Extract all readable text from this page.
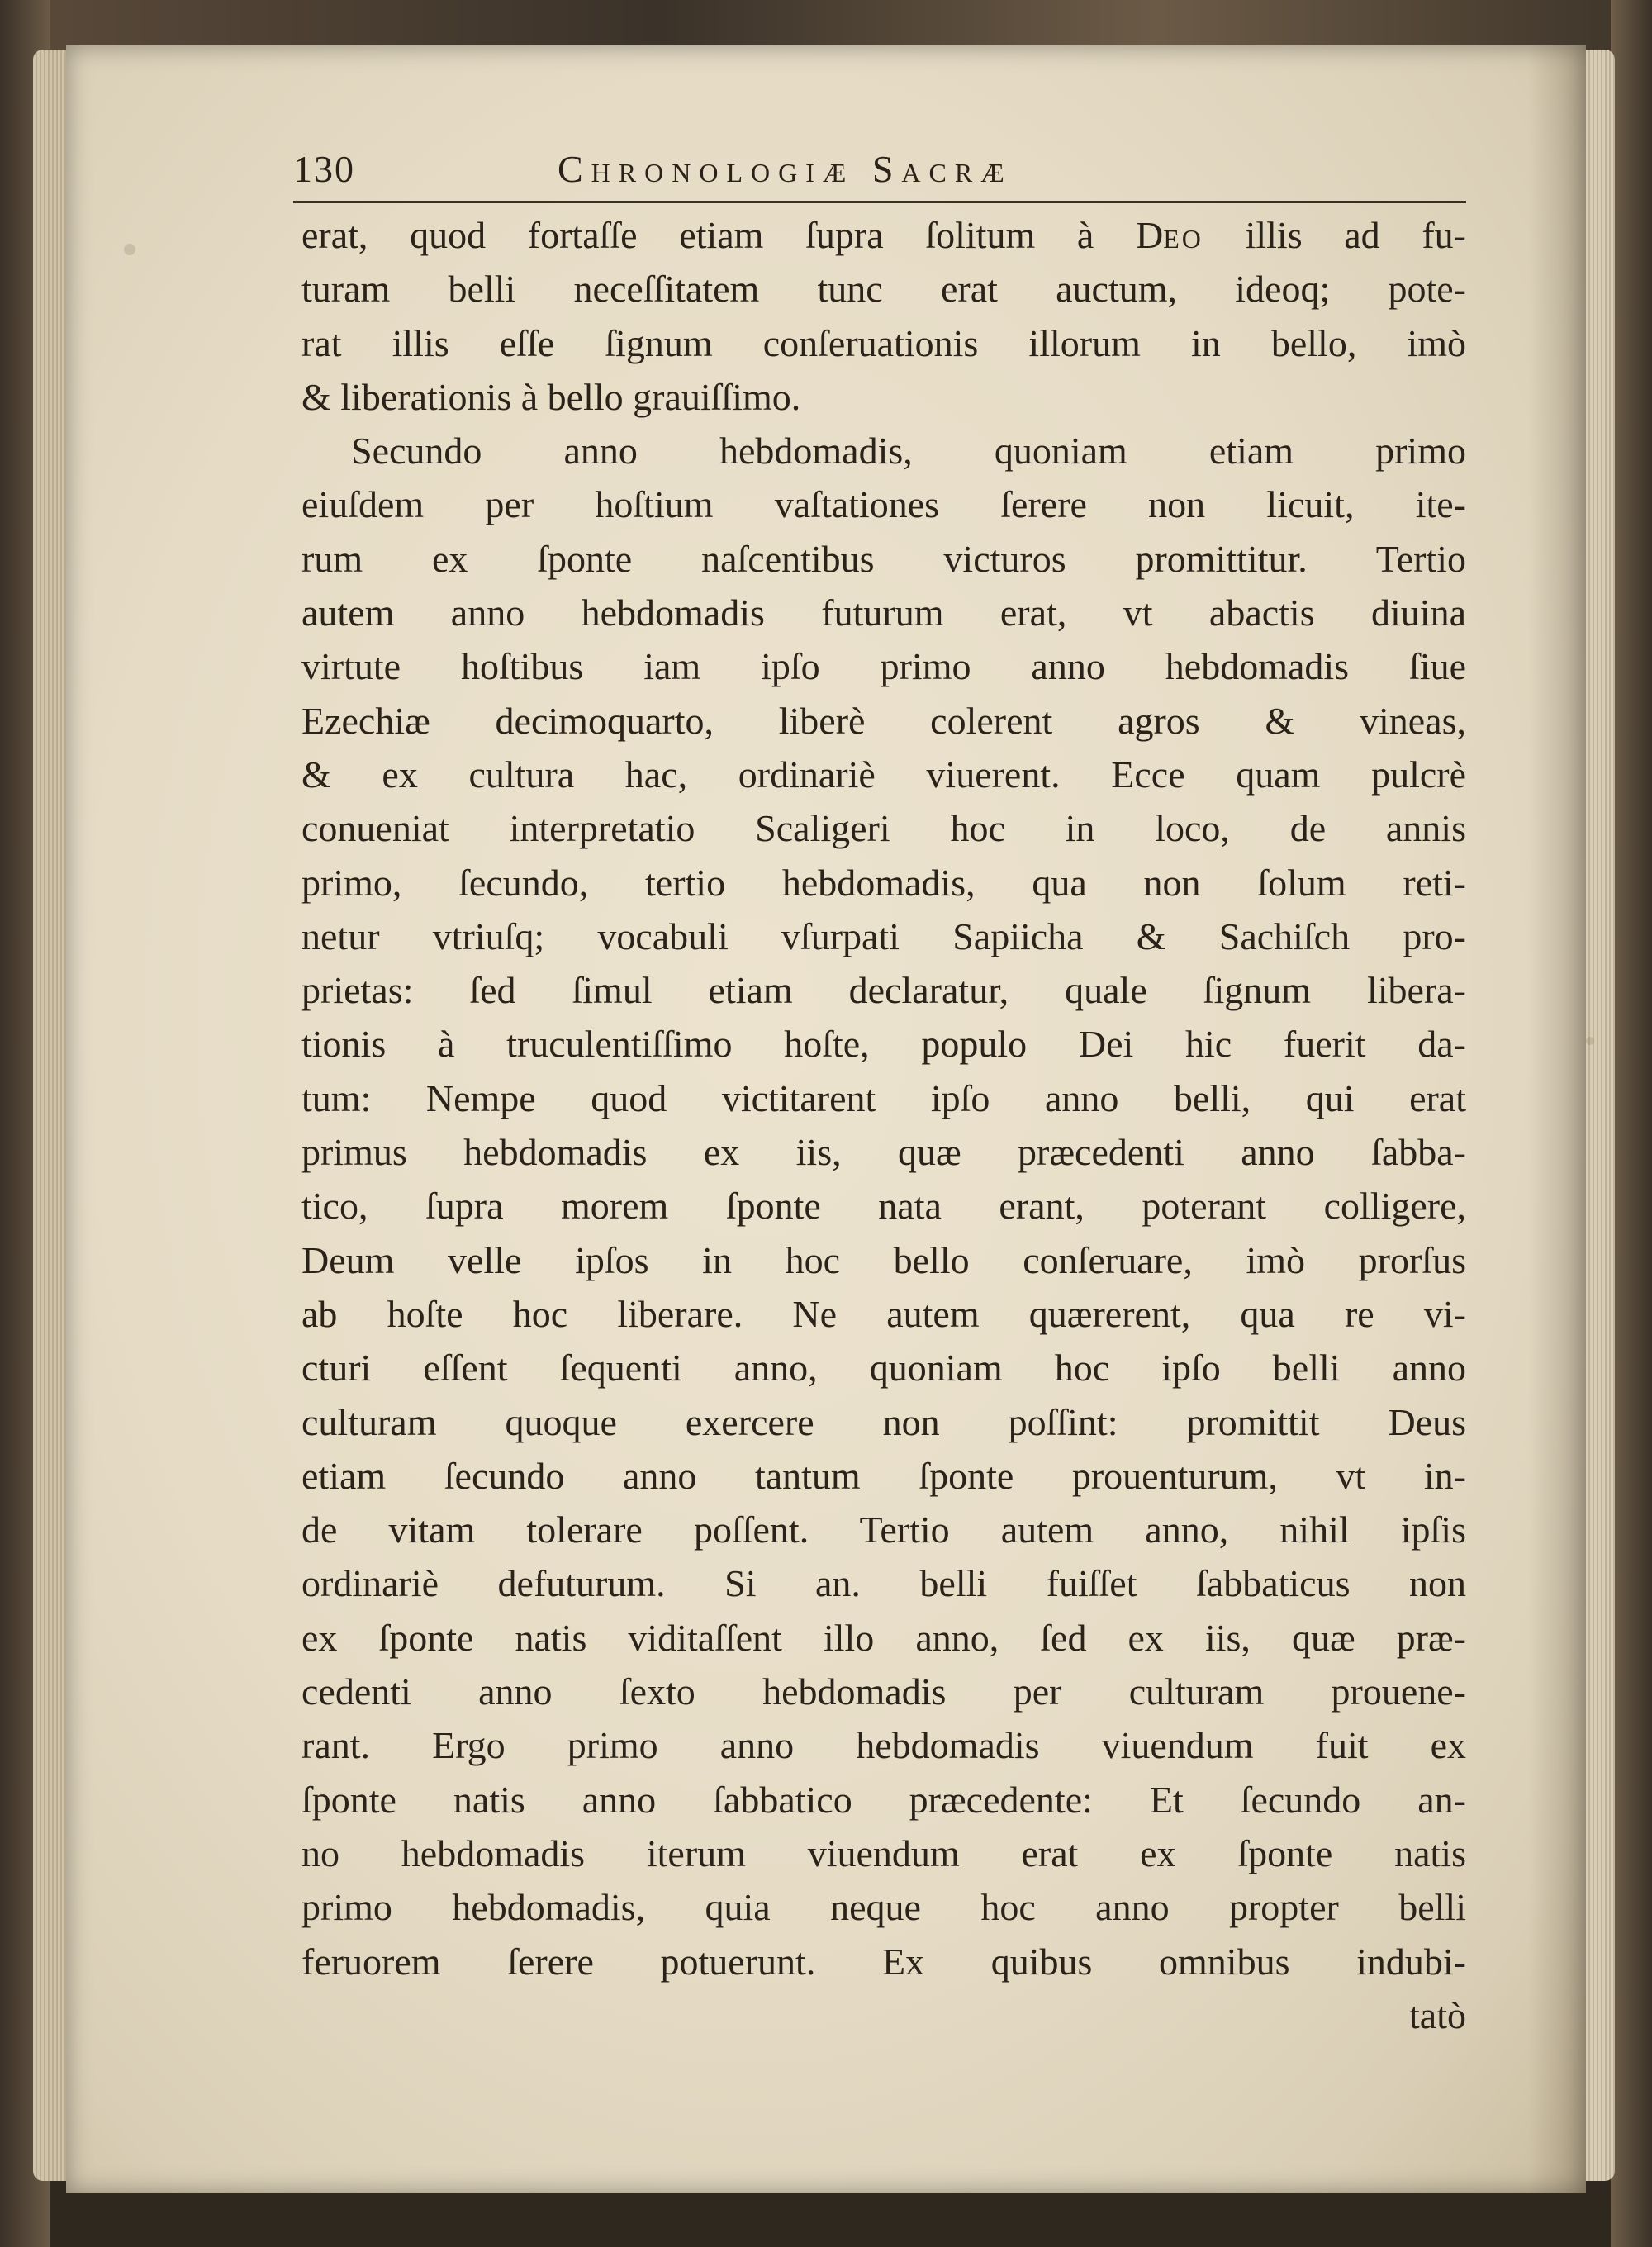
130	Chronologiæ Sacræ
erat, quod fortaſſe etiam ſupra ſolitum à Deo illis ad fu-
turam belli neceſſitatem tunc erat auctum, ideoq; pote-
rat illis eſſe ſignum conſeruationis illorum in bello, imò
& liberationis à bello grauiſſimo.
Secundo anno hebdomadis, quoniam etiam primo
eiuſdem per hoſtium vaſtationes ſerere non licuit, ite-
rum ex ſponte naſcentibus victuros promittitur. Tertio
autem anno hebdomadis futurum erat, vt abactis diuina
virtute hoſtibus iam ipſo primo anno hebdomadis ſiue
Ezechiæ decimoquarto, liberè colerent agros & vineas,
& ex cultura hac, ordinariè viuerent. Ecce quam pulcrè
conueniat interpretatio Scaligeri hoc in loco, de annis
primo, ſecundo, tertio hebdomadis, qua non ſolum reti-
netur vtriuſq; vocabuli vſurpati Sapiicha & Sachiſch pro-
prietas: ſed ſimul etiam declaratur, quale ſignum libera-
tionis à truculentiſſimo hoſte, populo Dei hic fuerit da-
tum: Nempe quod victitarent ipſo anno belli, qui erat
primus hebdomadis ex iis, quæ præcedenti anno ſabba-
tico, ſupra morem ſponte nata erant, poterant colligere,
Deum velle ipſos in hoc bello conſeruare, imò prorſus
ab hoſte hoc liberare. Ne autem quærerent, qua re vi-
cturi eſſent ſequenti anno, quoniam hoc ipſo belli anno
culturam quoque exercere non poſſint: promittit Deus
etiam ſecundo anno tantum ſponte prouenturum, vt in-
de vitam tolerare poſſent. Tertio autem anno, nihil ipſis
ordinariè defuturum. Si an. belli fuiſſet ſabbaticus non
ex ſponte natis viditaſſent illo anno, ſed ex iis, quæ præ-
cedenti anno ſexto hebdomadis per culturam prouene-
rant. Ergo primo anno hebdomadis viuendum fuit ex
ſponte natis anno ſabbatico præcedente: Et ſecundo an-
no hebdomadis iterum viuendum erat ex ſponte natis
primo hebdomadis, quia neque hoc anno propter belli
feruorem ſerere potuerunt. Ex quibus omnibus indubi-
tatò
